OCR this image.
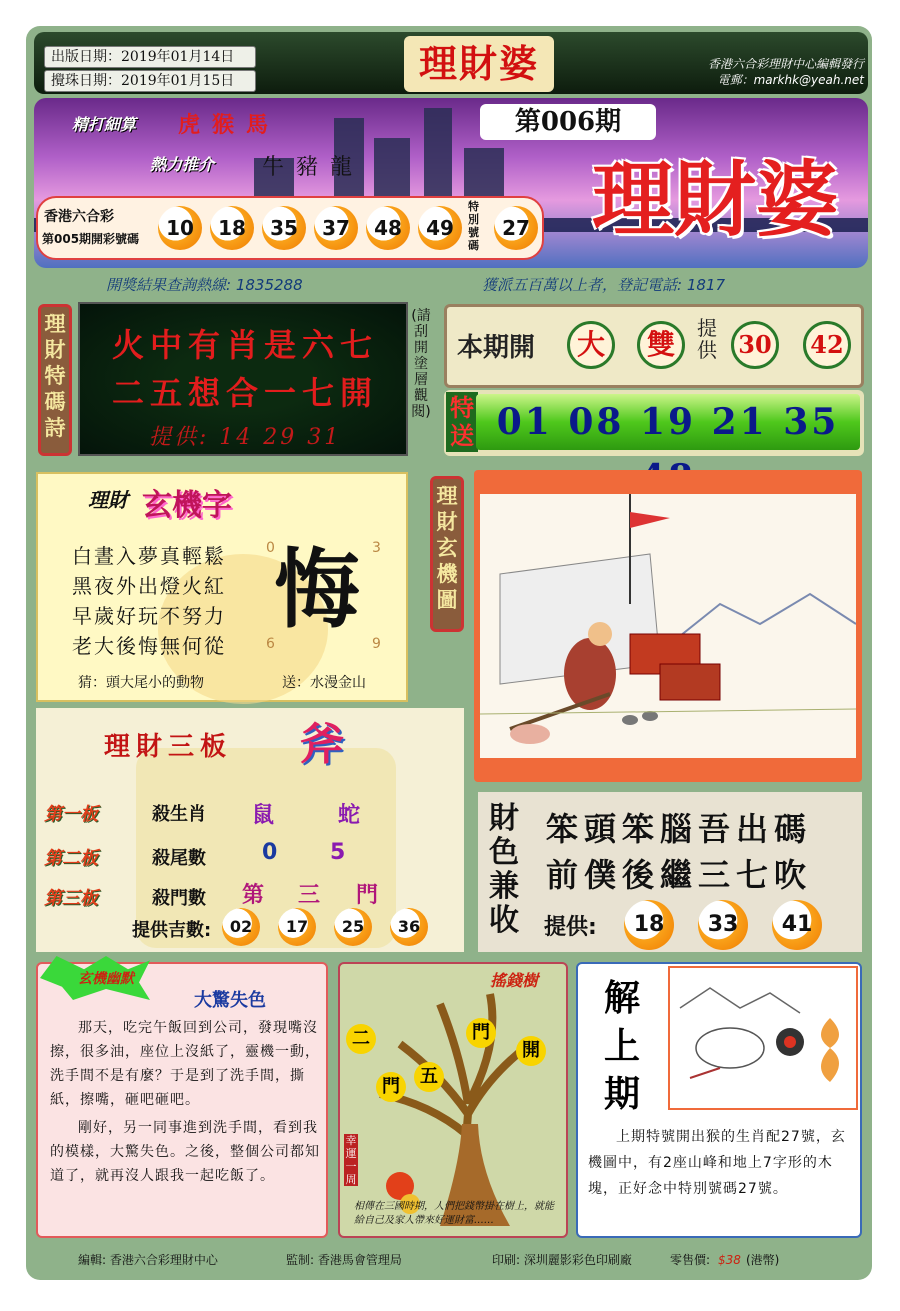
出版日期：2019年01月14日
攪珠日期：2019年01月15日	理財婆	香港六合彩理財中心編輯發行
電郵：markhk@yeah.net
精打細算 虎猴馬
熱力推介 牛豬龍
第006期
理財婆
香港六合彩
第005期開彩號碼	10	18	35	37	48	49
特別號碼
27
開獎結果查詢熱線: 1835288	獲派五百萬以上者，登記電話: 1817
理財特碼詩
火中有肖是六七
二五想合一七開
提供: 14 29 31
(請刮開塗層觀閱)
本期開	大	雙	提供 30	42
特送 01 08 19 21 35
理財 玄機字
白晝入夢真輕鬆
黑夜外出燈火紅
早歲好玩不努力
老大後悔無何從
悔
0	3
6	9
猜：頭大尾小的動物	送：水漫金山
理財玄機圖
理財三板 斧
第一板	殺生肖 鼠	蛇
第二板	殺尾數	0 5
第三板	殺門數 第 三 門
提供吉數:	02	17	25	36
財色兼收
笨頭笨腦吾出碼
前僕後繼三七吹
提供:	18	33	41
玄機幽默
大驚失色
那天，吃完午飯回到公司，發現嘴沒擦，很多油，座位上沒紙了，靈機一動，洗手間不是有麼？于是到了洗手間，撕紙，擦嘴，砸吧砸吧。
剛好，另一同事進到洗手間，看到我的模樣，大驚失色。之後，整個公司都知道了，就再沒人跟我一起吃飯了。
搖錢樹
二	門
五
門
開
幸運一周
相傳在三國時期，人們把錢幣掛在樹上，就能給自己及家人帶來好運財富……
解上期
上期特號開出猴的生肖配27號，玄機圖中，有2座山峰和地上7字形的木塊，正好念中特別號碼27號。
編輯: 香港六合彩理財中心	監制: 香港馬會管理局	印刷: 深圳麗影彩色印刷廠	零售價: $38 (港幣)
